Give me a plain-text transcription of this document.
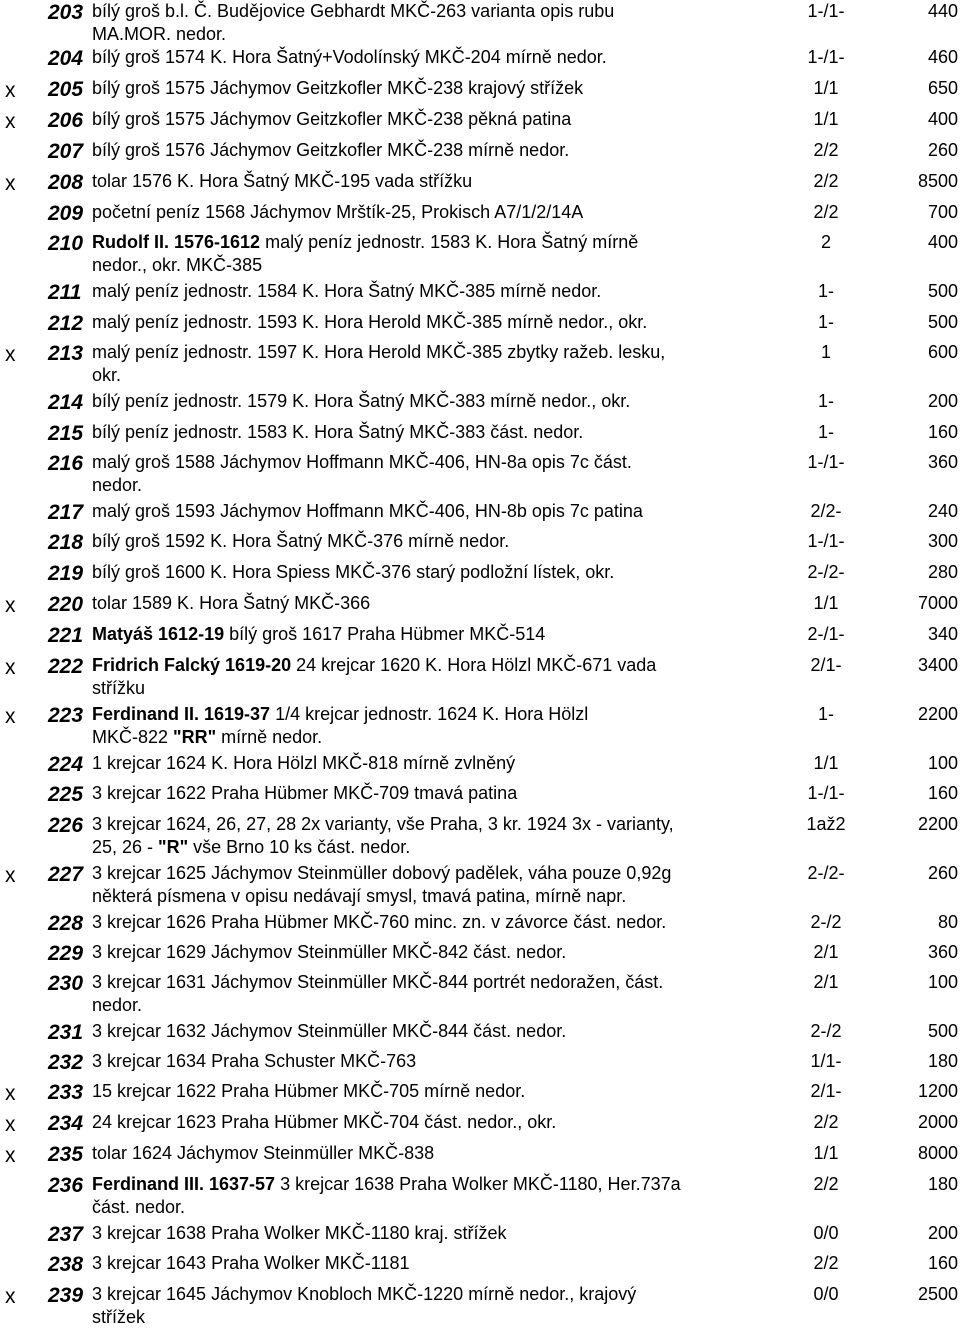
203 bílý groš b.l. Č. Budějovice Gebhardt MKČ-263 varianta opis rubu
MA.MOR. nedor.
1-/1-	440
204 bílý groš 1574 K. Hora Šatný+Vodolínský MKČ-204 mírně nedor.	1-/1-	460
x 205 bílý groš 1575 Jáchymov Geitzkofler MKČ-238 krajový střížek	1/1	650
x 206 bílý groš 1575 Jáchymov Geitzkofler MKČ-238 pěkná patina	1/1	400
207 bílý groš 1576 Jáchymov Geitzkofler MKČ-238 mírně nedor.	2/2	260
x 208 tolar 1576 K. Hora Šatný MKČ-195 vada střížku	2/2	8500
209 početní peníz 1568 Jáchymov Mrštík-25, Prokisch A7/1/2/14A	2/2	700
210 Rudolf II. 1576-1612 malý peníz jednostr. 1583 K. Hora Šatný mírně
nedor., okr. MKČ-385
2	400
211 malý peníz jednostr. 1584 K. Hora Šatný MKČ-385 mírně nedor.	1-	500
212 malý peníz jednostr. 1593 K. Hora Herold MKČ-385 mírně nedor., okr.	1-	500
x 213 malý peníz jednostr. 1597 K. Hora Herold MKČ-385 zbytky ražeb. lesku,
okr.
1	600
214 bílý peníz jednostr. 1579 K. Hora Šatný MKČ-383 mírně nedor., okr.	1-	200
215 bílý peníz jednostr. 1583 K. Hora Šatný MKČ-383 část. nedor.	1-	160
216 malý groš 1588 Jáchymov Hoffmann MKČ-406, HN-8a opis 7c část.
nedor.
1-/1-	360
217 malý groš 1593 Jáchymov Hoffmann MKČ-406, HN-8b opis 7c patina	2/2-	240
218 bílý groš 1592 K. Hora Šatný MKČ-376 mírně nedor.	1-/1-	300
219 bílý groš 1600 K. Hora Spiess MKČ-376 starý podložní lístek, okr.	2-/2-	280
x 220 tolar 1589 K. Hora Šatný MKČ-366	1/1	7000
221 Matyáš 1612-19 bílý groš 1617 Praha Hübmer MKČ-514	2-/1-	340
x 222 Fridrich Falcký 1619-20 24 krejcar 1620 K. Hora Hölzl MKČ-671 vada
střížku
2/1-	3400
x 223 Ferdinand II. 1619-37 1/4 krejcar jednostr. 1624 K. Hora Hölzl
MKČ-822 "RR" mírně nedor.
1-	2200
224 1 krejcar 1624 K. Hora Hölzl MKČ-818 mírně zvlněný	1/1	100
225 3 krejcar 1622 Praha Hübmer MKČ-709 tmavá patina	1-/1-	160
226 3 krejcar 1624, 26, 27, 28 2x varianty, vše Praha, 3 kr. 1924 3x - varianty,
25, 26 - "R" vše Brno 10 ks část. nedor.
1až2	2200
x 227 3 krejcar 1625 Jáchymov Steinmüller dobový padělek, váha pouze 0,92g
některá písmena v opisu nedávají smysl, tmavá patina, mírně napr.
2-/2-	260
228 3 krejcar 1626 Praha Hübmer MKČ-760 minc. zn. v závorce část. nedor.	2-/2	80
229 3 krejcar 1629 Jáchymov Steinmüller MKČ-842 část. nedor.	2/1	360
230 3 krejcar 1631 Jáchymov Steinmüller MKČ-844 portrét nedoražen, část.
nedor.
2/1	100
231 3 krejcar 1632 Jáchymov Steinmüller MKČ-844 část. nedor.	2-/2	500
232 3 krejcar 1634 Praha Schuster MKČ-763	1/1-	180
x 233 15 krejcar 1622 Praha Hübmer MKČ-705 mírně nedor.	2/1-	1200
x 234 24 krejcar 1623 Praha Hübmer MKČ-704 část. nedor., okr.	2/2	2000
x 235 tolar 1624 Jáchymov Steinmüller MKČ-838	1/1	8000
236 Ferdinand III. 1637-57 3 krejcar 1638 Praha Wolker MKČ-1180, Her.737a
část. nedor.
2/2	180
237 3 krejcar 1638 Praha Wolker MKČ-1180 kraj. střížek	0/0	200
238 3 krejcar 1643 Praha Wolker MKČ-1181	2/2	160
x 239 3 krejcar 1645 Jáchymov Knobloch MKČ-1220 mírně nedor., krajový
střížek
0/0	2500
